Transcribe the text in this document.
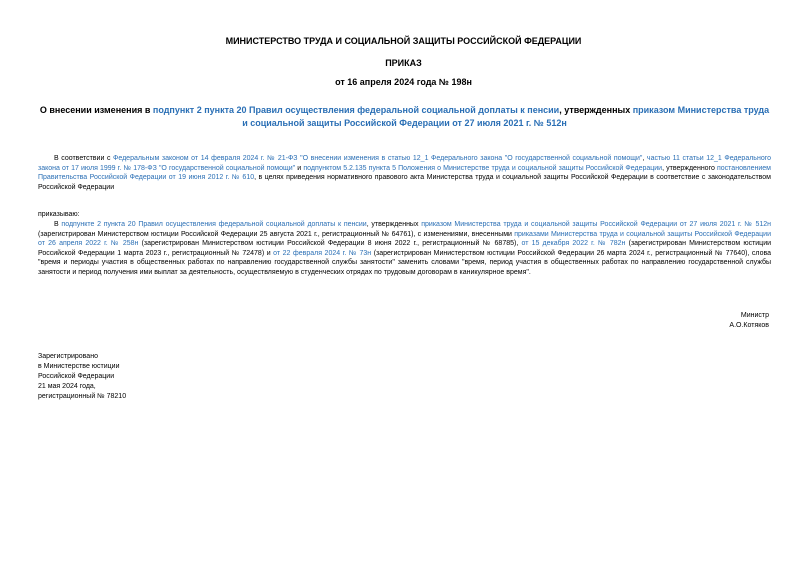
МИНИСТЕРСТВО ТРУДА И СОЦИАЛЬНОЙ ЗАЩИТЫ РОССИЙСКОЙ ФЕДЕРАЦИИ
ПРИКАЗ
от 16 апреля 2024 года № 198н
О внесении изменения в подпункт 2 пункта 20 Правил осуществления федеральной социальной доплаты к пенсии, утвержденных приказом Министерства труда и социальной защиты Российской Федерации от 27 июля 2021 г. № 512н
В соответствии с Федеральным законом от 14 февраля 2024 г. № 21-ФЗ "О внесении изменения в статью 12_1 Федерального закона "О государственной социальной помощи", частью 11 статьи 12_1 Федерального закона от 17 июля 1999 г. № 178-ФЗ "О государственной социальной помощи" и подпунктом 5.2.135 пункта 5 Положения о Министерстве труда и социальной защиты Российской Федерации, утвержденного постановлением Правительства Российской Федерации от 19 июня 2012 г. № 610, в целях приведения нормативного правового акта Министерства труда и социальной защиты Российской Федерации в соответствие с законодательством Российской Федерации
приказываю:
В подпункте 2 пункта 20 Правил осуществления федеральной социальной доплаты к пенсии, утвержденных приказом Министерства труда и социальной защиты Российской Федерации от 27 июля 2021 г. № 512н (зарегистрирован Министерством юстиции Российской Федерации 25 августа 2021 г., регистрационный № 64761), с изменениями, внесенными приказами Министерства труда и социальной защиты Российской Федерации от 26 апреля 2022 г. № 258н (зарегистрирован Министерством юстиции Российской Федерации 8 июня 2022 г., регистрационный № 68785), от 15 декабря 2022 г. № 782н (зарегистрирован Министерством юстиции Российской Федерации 1 марта 2023 г., регистрационный № 72478) и от 22 февраля 2024 г. № 73н (зарегистрирован Министерством юстиции Российской Федерации 26 марта 2024 г., регистрационный № 77640), слова "время и периоды участия в общественных работах по направлению государственной службы занятости" заменить словами "время, период участия в общественных работах по направлению государственной службы занятости и период получения ими выплат за деятельность, осуществляемую в студенческих отрядах по трудовым договорам в каникулярное время".
Министр
А.О.Котяков
Зарегистрировано
в Министерстве юстиции
Российской Федерации
21 мая 2024 года,
регистрационный № 78210
